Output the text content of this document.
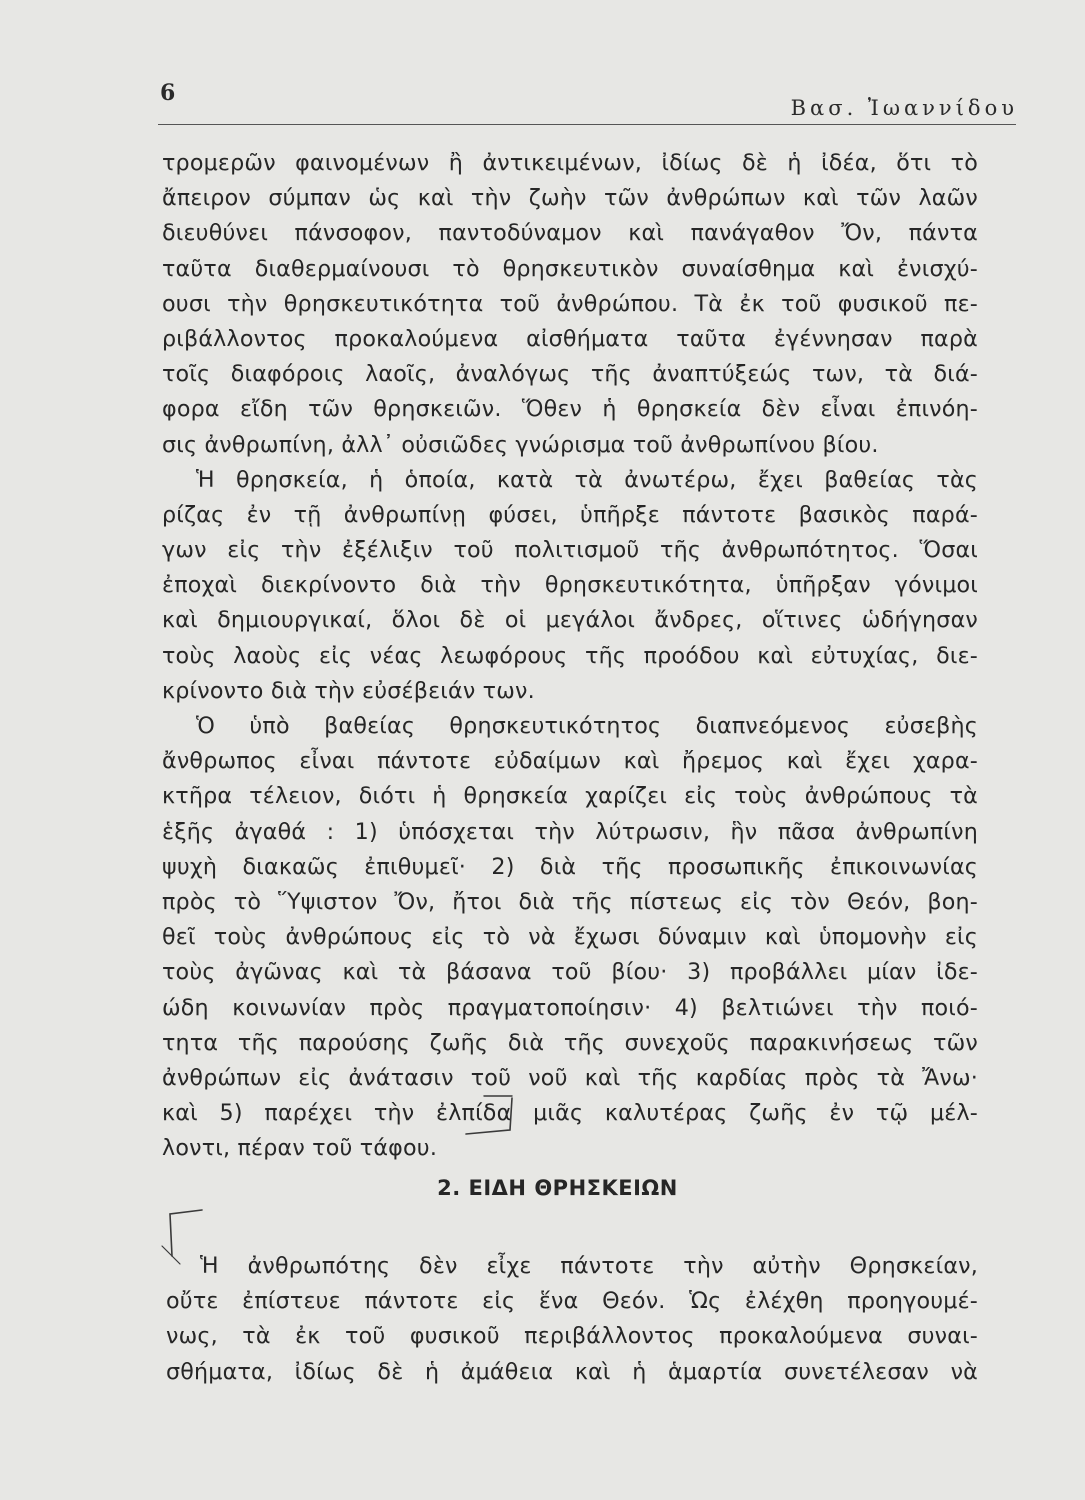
6
Βασ. Ἰωαννίδου
τρομερῶν φαινομένων ἢ ἀντικειμένων, ἰδίως δὲ ἡ ἰδέα, ὅτι τὸ
ἄπειρον σύμπαν ὡς καὶ τὴν ζωὴν τῶν ἀνθρώπων καὶ τῶν λαῶν
διευθύνει πάνσοφον, παντοδύναμον καὶ πανάγαθον Ὄν, πάντα
ταῦτα διαθερμαίνουσι τὸ θρησκευτικὸν συναίσθημα καὶ ἐνισχύ-
ουσι τὴν θρησκευτικότητα τοῦ ἀνθρώπου. Τὰ ἐκ τοῦ φυσικοῦ πε-
ριβάλλοντος προκαλούμενα αἰσθήματα ταῦτα ἐγέννησαν παρὰ
τοῖς διαφόροις λαοῖς, ἀναλόγως τῆς ἀναπτύξεώς των, τὰ διά-
φορα εἴδη τῶν θρησκειῶν. Ὅθεν ἡ θρησκεία δὲν εἶναι ἐπινόη-
σις ἀνθρωπίνη, ἀλλ᾽ οὐσιῶδες γνώρισμα τοῦ ἀνθρωπίνου βίου.
Ἡ θρησκεία, ἡ ὁποία, κατὰ τὰ ἀνωτέρω, ἔχει βαθείας τὰς
ρίζας ἐν τῇ ἀνθρωπίνῃ φύσει, ὑπῆρξε πάντοτε βασικὸς παρά-
γων εἰς τὴν ἐξέλιξιν τοῦ πολιτισμοῦ τῆς ἀνθρωπότητος. Ὅσαι
ἐποχαὶ διεκρίνοντο διὰ τὴν θρησκευτικότητα, ὑπῆρξαν γόνιμοι
καὶ δημιουργικαί, ὅλοι δὲ οἱ μεγάλοι ἄνδρες, οἵτινες ὡδήγησαν
τοὺς λαοὺς εἰς νέας λεωφόρους τῆς προόδου καὶ εὐτυχίας, διε-
κρίνοντο διὰ τὴν εὐσέβειάν των.
Ὁ ὑπὸ βαθείας θρησκευτικότητος διαπνεόμενος εὐσεβὴς
ἄνθρωπος εἶναι πάντοτε εὐδαίμων καὶ ἤρεμος καὶ ἔχει χαρα-
κτῆρα τέλειον, διότι ἡ θρησκεία χαρίζει εἰς τοὺς ἀνθρώπους τὰ
ἑξῆς ἀγαθά : 1) ὑπόσχεται τὴν λύτρωσιν, ἣν πᾶσα ἀνθρωπίνη
ψυχὴ διακαῶς ἐπιθυμεῖ· 2) διὰ τῆς προσωπικῆς ἐπικοινωνίας
πρὸς τὸ Ὕψιστον Ὄν, ἤτοι διὰ τῆς πίστεως εἰς τὸν Θεόν, βοη-
θεῖ τοὺς ἀνθρώπους εἰς τὸ νὰ ἔχωσι δύναμιν καὶ ὑπομονὴν εἰς
τοὺς ἀγῶνας καὶ τὰ βάσανα τοῦ βίου· 3) προβάλλει μίαν ἰδε-
ώδη κοινωνίαν πρὸς πραγματοποίησιν· 4) βελτιώνει τὴν ποιό-
τητα τῆς παρούσης ζωῆς διὰ τῆς συνεχοῦς παρακινήσεως τῶν
ἀνθρώπων εἰς ἀνάτασιν τοῦ νοῦ καὶ τῆς καρδίας πρὸς τὰ Ἄνω·
καὶ 5) παρέχει τὴν ἐλπίδα μιᾶς καλυτέρας ζωῆς ἐν τῷ μέλ-
λοντι, πέραν τοῦ τάφου.
2. ΕΙΔΗ ΘΡΗΣΚΕΙΩΝ
Ἡ ἀνθρωπότης δὲν εἶχε πάντοτε τὴν αὐτὴν Θρησκείαν,
οὔτε ἐπίστευε πάντοτε εἰς ἕνα Θεόν. Ὡς ἐλέχθη προηγουμέ-
νως, τὰ ἐκ τοῦ φυσικοῦ περιβάλλοντος προκαλούμενα συναι-
σθήματα, ἰδίως δὲ ἡ ἀμάθεια καὶ ἡ ἁμαρτία συνετέλεσαν νὰ
